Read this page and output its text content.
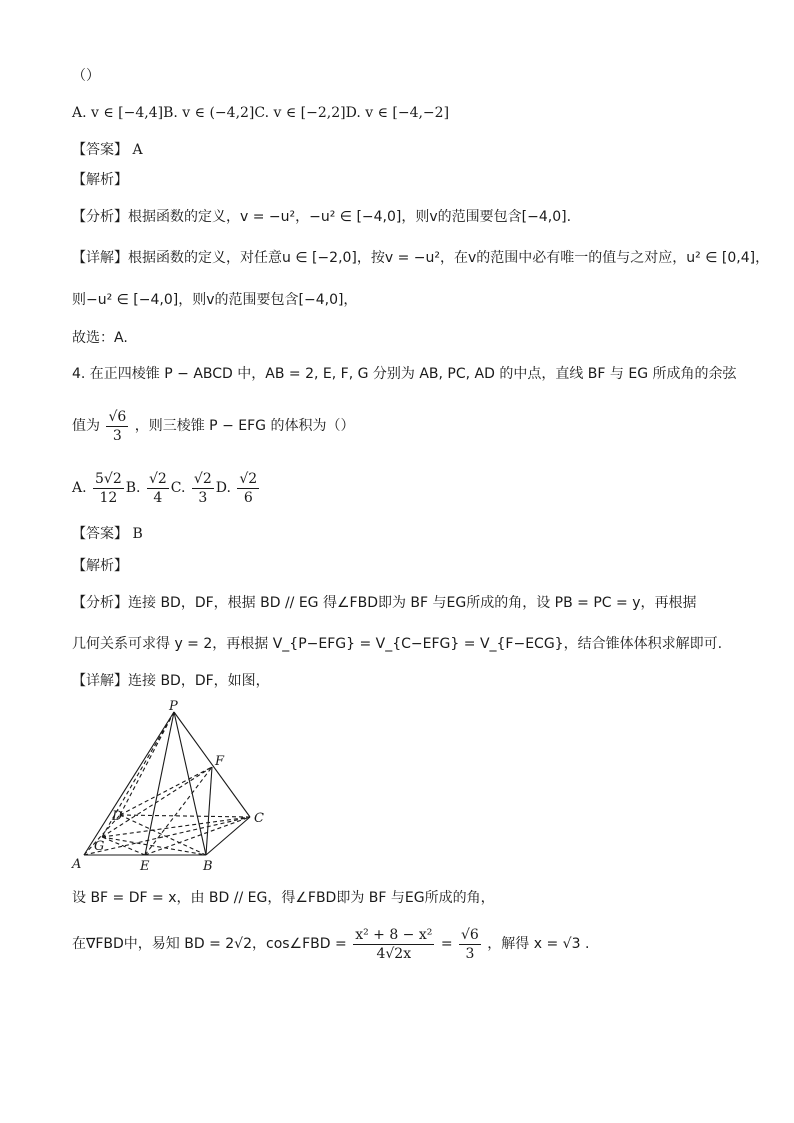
（）
A. v ∈ [−4,4]B. v ∈ (−4,2]C. v ∈ [−2,2]D. v ∈ [−4,−2]
【答案】 A
【解析】
【分析】根据函数的定义，v = −u²，−u² ∈ [−4,0]，则v的范围要包含[−4,0].
【详解】根据函数的定义，对任意u ∈ [−2,0]，按v = −u²，在v的范围中必有唯一的值与之对应，u² ∈ [0,4]，
则−u² ∈ [−4,0]，则v的范围要包含[−4,0]，
故选：A.
4. 在正四棱锥 P − ABCD 中，AB = 2, E, F, G 分别为 AB, PC, AD 的中点，直线 BF 与 EG 所成角的余弦
值为 $\frac{√6}{3}$ ，则三棱锥 P − EFG 的体积为（）
A. $\frac{5√2}{12} B$. $\frac{√2}{4} C$. $\frac{√2}{3} D$. $\frac{√2}{6}$
【答案】 B
【解析】
【分析】连接 BD，DF，根据 BD // EG 得∠FBD即为 BF 与EG所成的角，设 PB = PC = y，再根据
几何关系可求得 y = 2，再根据 V_{P−EFG} = V_{C−EFG} = V_{F−ECG}，结合锥体体积求解即可.
【详解】连接 BD，DF，如图，
P
F
C
D
G
A	E	B
设 BF = DF = x，由 BD // EG，得∠FBD即为 BF 与EG所成的角，
在∇FBD中，易知 BD = 2√2，cos∠FBD = $\frac{\text{x² + 8 − x²}}{4√2x} = \frac{√6}{3}$ ，解得 x = √3 .
